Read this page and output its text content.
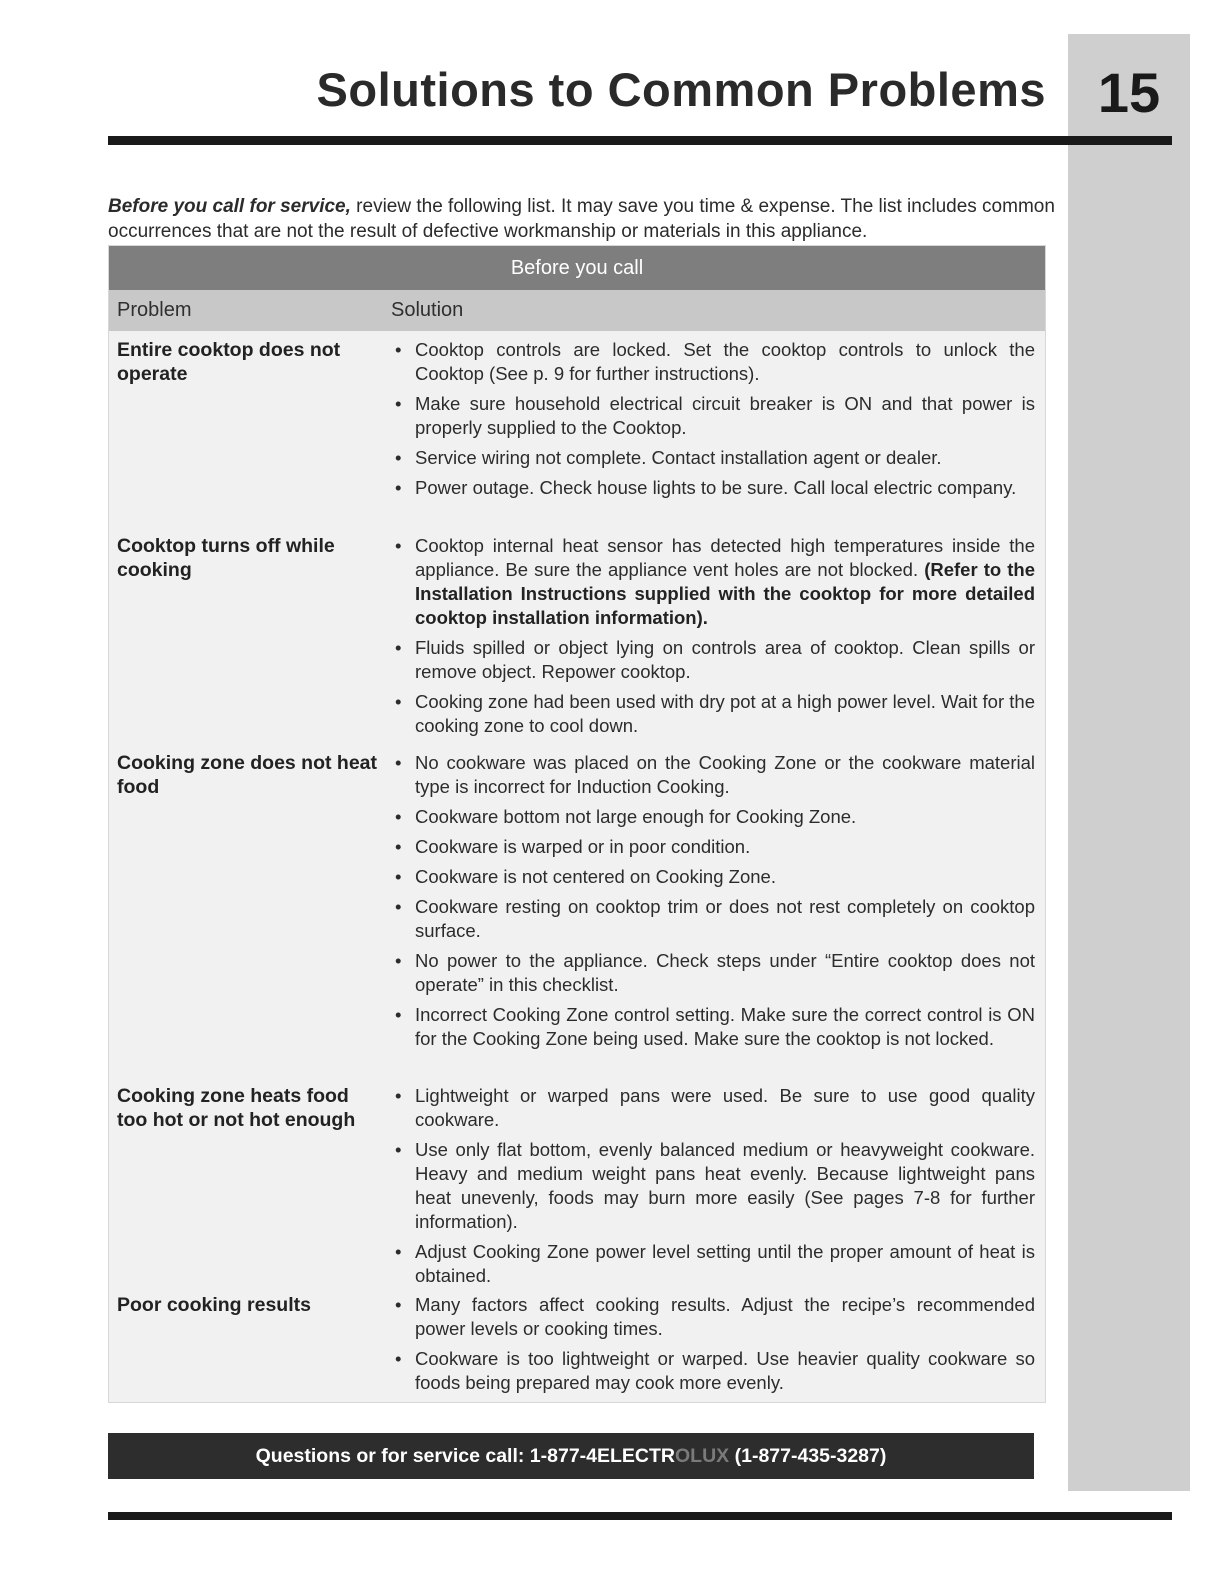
Solutions to Common Problems 15

Before you call for service, review the following list. It may save you time & expense. The list includes common occurrences that are not the result of defective workmanship or materials in this appliance.

Before you call
Problem	Solution
Entire cooktop does not operate
• Cooktop controls are locked. Set the cooktop controls to unlock the Cooktop (See p. 9 for further instructions).
• Make sure household electrical circuit breaker is ON and that power is properly supplied to the Cooktop.
• Service wiring not complete. Contact installation agent or dealer.
• Power outage. Check house lights to be sure. Call local electric company.
Cooktop turns off while cooking
• Cooktop internal heat sensor has detected high temperatures inside the appliance. Be sure the appliance vent holes are not blocked. (Refer to the Installation Instructions supplied with the cooktop for more detailed cooktop installation information).
• Fluids spilled or object lying on controls area of cooktop. Clean spills or remove object. Repower cooktop.
• Cooking zone had been used with dry pot at a high power level. Wait for the cooking zone to cool down.
Cooking zone does not heat food
• No cookware was placed on the Cooking Zone or the cookware material type is incorrect for Induction Cooking.
• Cookware bottom not large enough for Cooking Zone.
• Cookware is warped or in poor condition.
• Cookware is not centered on Cooking Zone.
• Cookware resting on cooktop trim or does not rest completely on cooktop surface.
• No power to the appliance. Check steps under “Entire cooktop does not operate” in this checklist.
• Incorrect Cooking Zone control setting. Make sure the correct control is ON for the Cooking Zone being used. Make sure the cooktop is not locked.
Cooking zone heats food too hot or not hot enough
• Lightweight or warped pans were used. Be sure to use good quality cookware.
• Use only flat bottom, evenly balanced medium or heavyweight cookware. Heavy and medium weight pans heat evenly. Because lightweight pans heat unevenly, foods may burn more easily (See pages 7-8 for further information).
• Adjust Cooking Zone power level setting until the proper amount of heat is obtained.
Poor cooking results	• Many factors affect cooking results. Adjust the recipe’s recommended power levels or cooking times.
• Cookware is too lightweight or warped. Use heavier quality cookware so foods being prepared may cook more evenly.
Questions or for service call: 1-877-4ELECTROLUX (1-877-435-3287)
